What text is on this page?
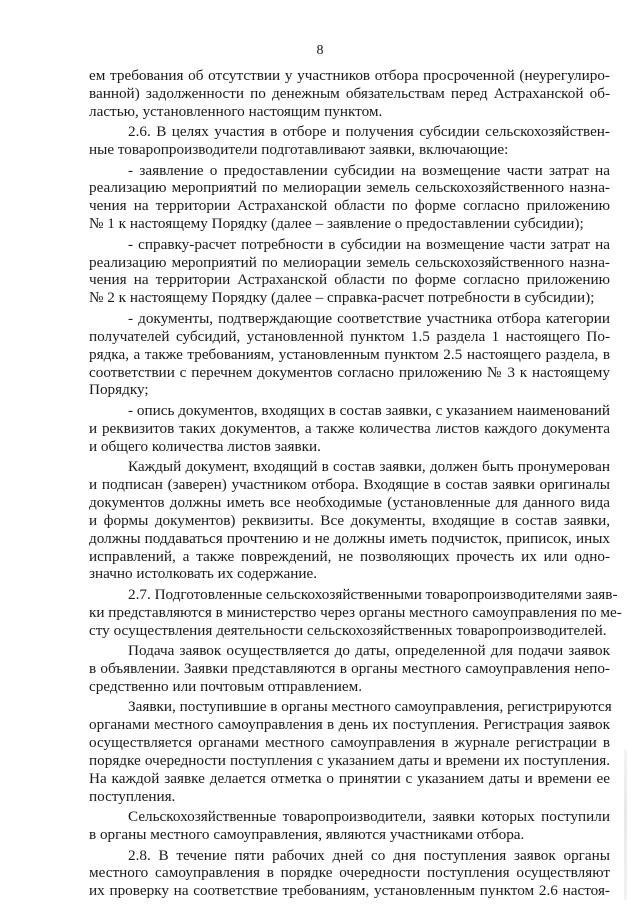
8
ем требования об отсутствии у участников отбора просроченной (неурегулиро-
ванной) задолженности по денежным обязательствам перед Астраханской об-
ластью, установленного настоящим пунктом.
2.6. В целях участия в отборе и получения субсидии сельскохозяйствен-
ные товаропроизводители подготавливают заявки, включающие:
- заявление о предоставлении субсидии на возмещение части затрат на
реализацию мероприятий по мелиорации земель сельскохозяйственного назна-
чения на территории Астраханской области по форме согласно приложению
№ 1 к настоящему Порядку (далее – заявление о предоставлении субсидии);
- справку-расчет потребности в субсидии на возмещение части затрат на
реализацию мероприятий по мелиорации земель сельскохозяйственного назна-
чения на территории Астраханской области по форме согласно приложению
№ 2 к настоящему Порядку (далее – справка-расчет потребности в субсидии);
- документы, подтверждающие соответствие участника отбора категории
получателей субсидий, установленной пунктом 1.5 раздела 1 настоящего По-
рядка, а также требованиям, установленным пунктом 2.5 настоящего раздела, в
соответствии с перечнем документов согласно приложению № 3 к настоящему
Порядку;
- опись документов, входящих в состав заявки, с указанием наименований
и реквизитов таких документов, а также количества листов каждого документа
и общего количества листов заявки.
Каждый документ, входящий в состав заявки, должен быть пронумерован
и подписан (заверен) участником отбора. Входящие в состав заявки оригиналы
документов должны иметь все необходимые (установленные для данного вида
и формы документов) реквизиты. Все документы, входящие в состав заявки,
должны поддаваться прочтению и не должны иметь подчисток, приписок, иных
исправлений, а также повреждений, не позволяющих прочесть их или одно-
значно истолковать их содержание.
2.7. Подготовленные сельскохозяйственными товаропроизводителями заяв-
ки представляются в министерство через органы местного самоуправления по ме-
сту осуществления деятельности сельскохозяйственных товаропроизводителей.
Подача заявок осуществляется до даты, определенной для подачи заявок
в объявлении. Заявки представляются в органы местного самоуправления непо-
средственно или почтовым отправлением.
Заявки, поступившие в органы местного самоуправления, регистрируются
органами местного самоуправления в день их поступления. Регистрация заявок
осуществляется органами местного самоуправления в журнале регистрации в
порядке очередности поступления с указанием даты и времени их поступления.
На каждой заявке делается отметка о принятии с указанием даты и времени ее
поступления.
Сельскохозяйственные товаропроизводители, заявки которых поступили
в органы местного самоуправления, являются участниками отбора.
2.8. В течение пяти рабочих дней со дня поступления заявок органы
местного самоуправления в порядке очередности поступления осуществляют
их проверку на соответствие требованиям, установленным пунктом 2.6 настоя-
